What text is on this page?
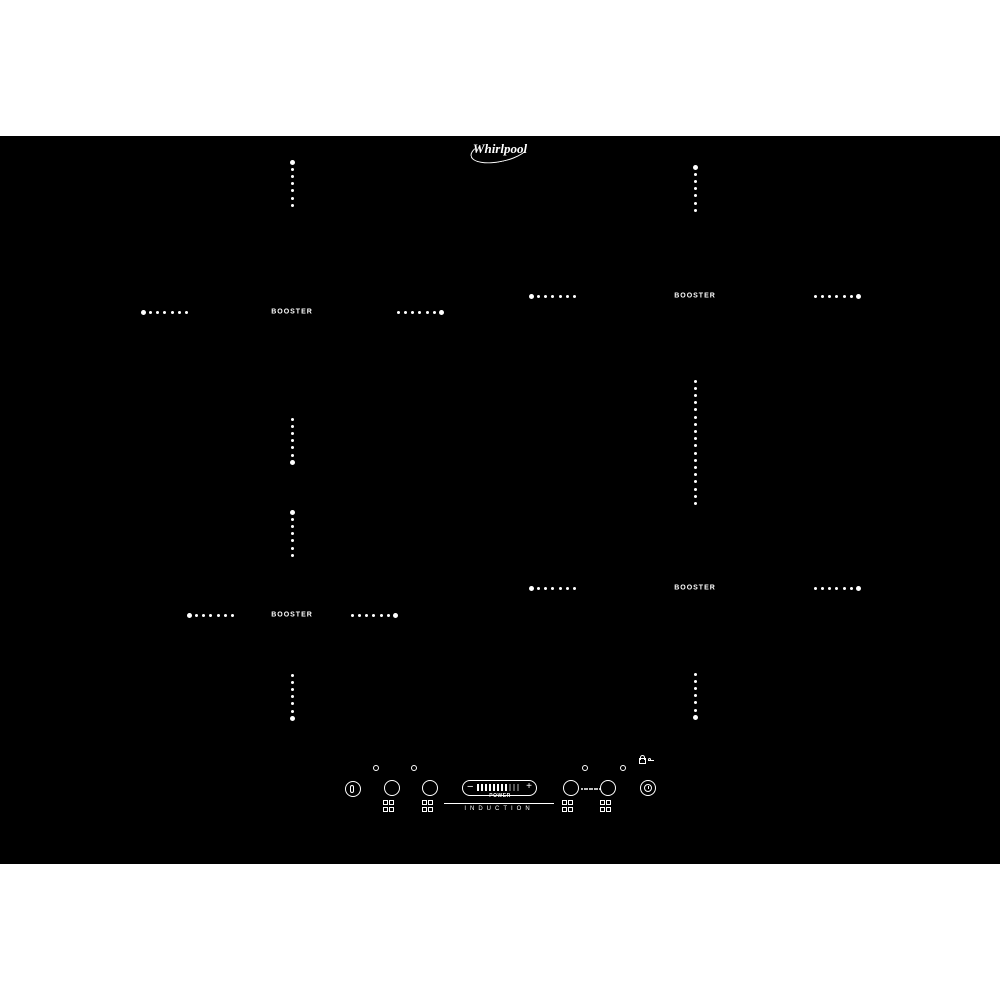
Whirlpool
BOOSTER
BOOSTER
BOOSTER
BOOSTER
−	+
POWER
INDUCTION
